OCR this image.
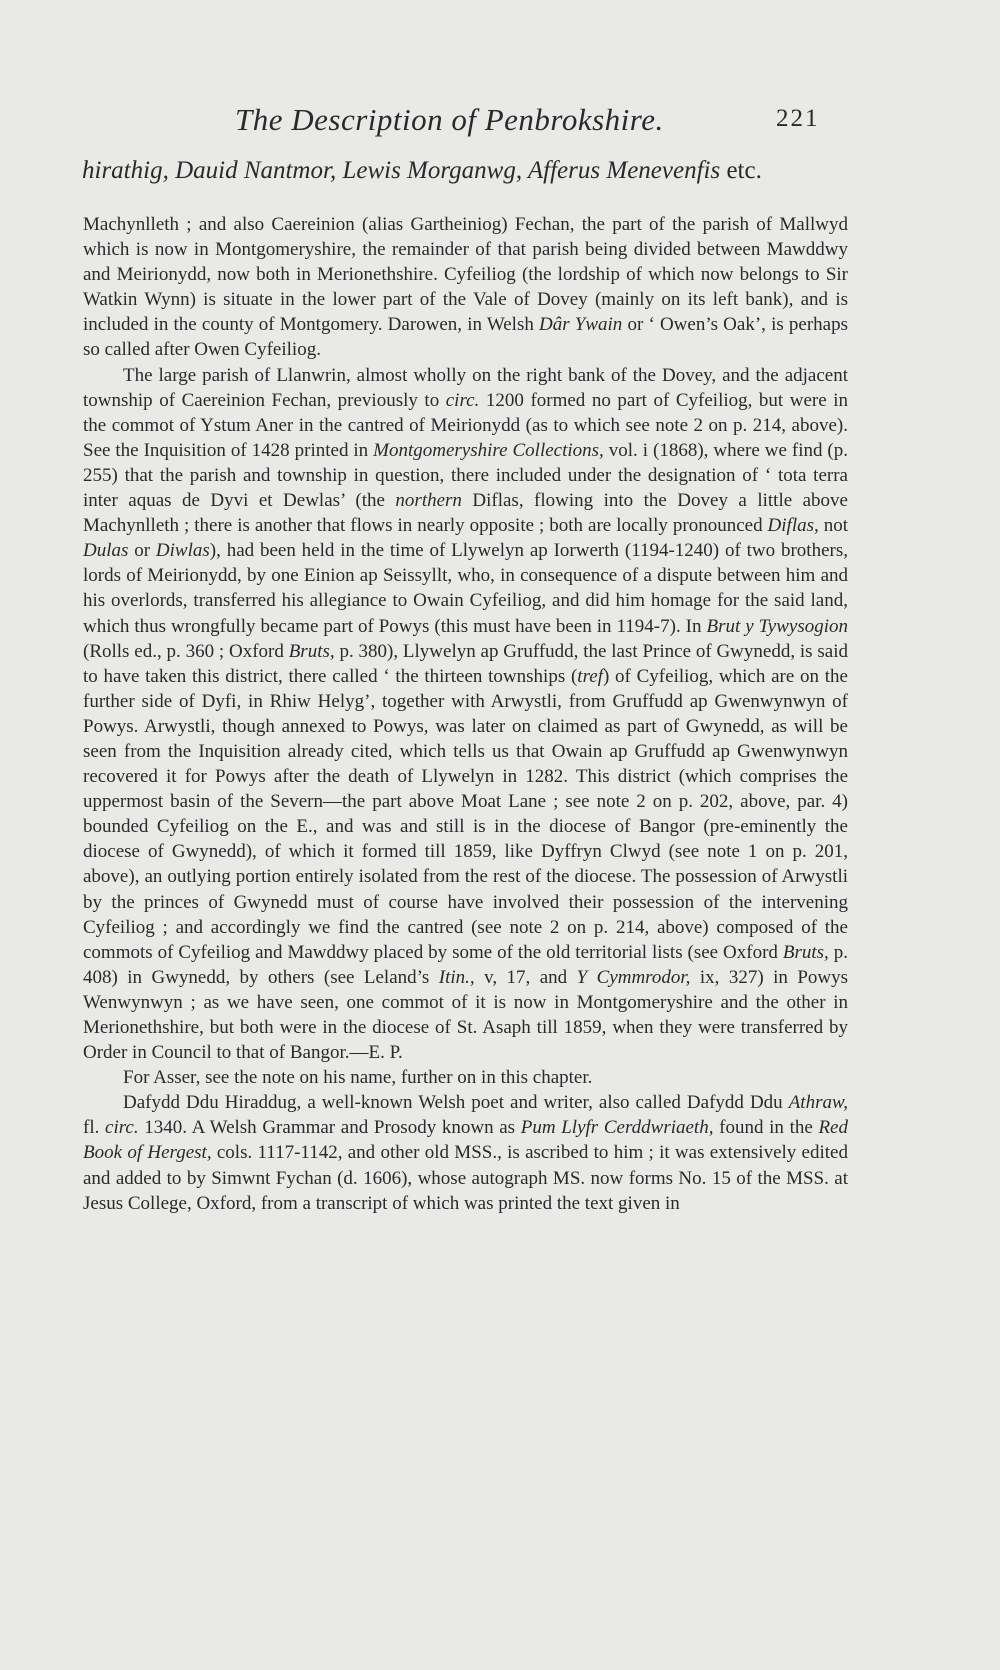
The Description of Penbrokshire.	221
hirathig, Dauid Nantmor, Lewis Morganwg, Afferus Menevenfis etc.

Machynlleth ; and also Caereinion (alias Gartheiniog) Fechan, the part of the parish of Mallwyd which is now in Montgomeryshire, the remainder of that parish being divided between Mawddwy and Meirionydd, now both in Merionethshire. Cyfeiliog (the lordship of which now belongs to Sir Watkin Wynn) is situate in the lower part of the Vale of Dovey (mainly on its left bank), and is included in the county of Montgomery. Darowen, in Welsh Dâr Ywain or ‘ Owen’s Oak’, is perhaps so called after Owen Cyfeiliog.

The large parish of Llanwrin, almost wholly on the right bank of the Dovey, and the adjacent township of Caereinion Fechan, previously to circ. 1200 formed no part of Cyfeiliog, but were in the commot of Ystum Aner in the cantred of Meirionydd (as to which see note 2 on p. 214, above). See the Inquisition of 1428 printed in Montgomeryshire Collections, vol. i (1868), where we find (p. 255) that the parish and township in question, there included under the designation of ‘ tota terra inter aquas de Dyvi et Dewlas’ (the northern Diflas, flowing into the Dovey a little above Machynlleth ; there is another that flows in nearly opposite ; both are locally pronounced Diflas, not Dulas or Diwlas), had been held in the time of Llywelyn ap Iorwerth (1194-1240) of two brothers, lords of Meirionydd, by one Einion ap Seissyllt, who, in consequence of a dispute between him and his overlords, transferred his allegiance to Owain Cyfeiliog, and did him homage for the said land, which thus wrongfully became part of Powys (this must have been in 1194-7). In Brut y Tywysogion (Rolls ed., p. 360 ; Oxford Bruts, p. 380), Llywelyn ap Gruffudd, the last Prince of Gwynedd, is said to have taken this district, there called ‘ the thirteen townships (tref) of Cyfeiliog, which are on the further side of Dyfi, in Rhiw Helyg’, together with Arwystli, from Gruffudd ap Gwenwynwyn of Powys. Arwystli, though annexed to Powys, was later on claimed as part of Gwynedd, as will be seen from the Inquisition already cited, which tells us that Owain ap Gruffudd ap Gwenwynwyn recovered it for Powys after the death of Llywelyn in 1282. This district (which comprises the uppermost basin of the Severn—the part above Moat Lane ; see note 2 on p. 202, above, par. 4) bounded Cyfeiliog on the E., and was and still is in the diocese of Bangor (pre-eminently the diocese of Gwynedd), of which it formed till 1859, like Dyffryn Clwyd (see note 1 on p. 201, above), an outlying portion entirely isolated from the rest of the diocese. The possession of Arwystli by the princes of Gwynedd must of course have involved their possession of the intervening Cyfeiliog ; and accordingly we find the cantred (see note 2 on p. 214, above) composed of the commots of Cyfeiliog and Mawddwy placed by some of the old territorial lists (see Oxford Bruts, p. 408) in Gwynedd, by others (see Leland’s Itin., v, 17, and Y Cymmrodor, ix, 327) in Powys Wenwynwyn ; as we have seen, one commot of it is now in Montgomeryshire and the other in Merionethshire, but both were in the diocese of St. Asaph till 1859, when they were transferred by Order in Council to that of Bangor.—E. P.

For Asser, see the note on his name, further on in this chapter.

Dafydd Ddu Hiraddug, a well-known Welsh poet and writer, also called Dafydd Ddu Athraw, fl. circ. 1340. A Welsh Grammar and Prosody known as Pum Llyfr Cerddwriaeth, found in the Red Book of Hergest, cols. 1117-1142, and other old MSS., is ascribed to him ; it was extensively edited and added to by Simwnt Fychan (d. 1606), whose autograph MS. now forms No. 15 of the MSS. at Jesus College, Oxford, from a transcript of which was printed the text given in
